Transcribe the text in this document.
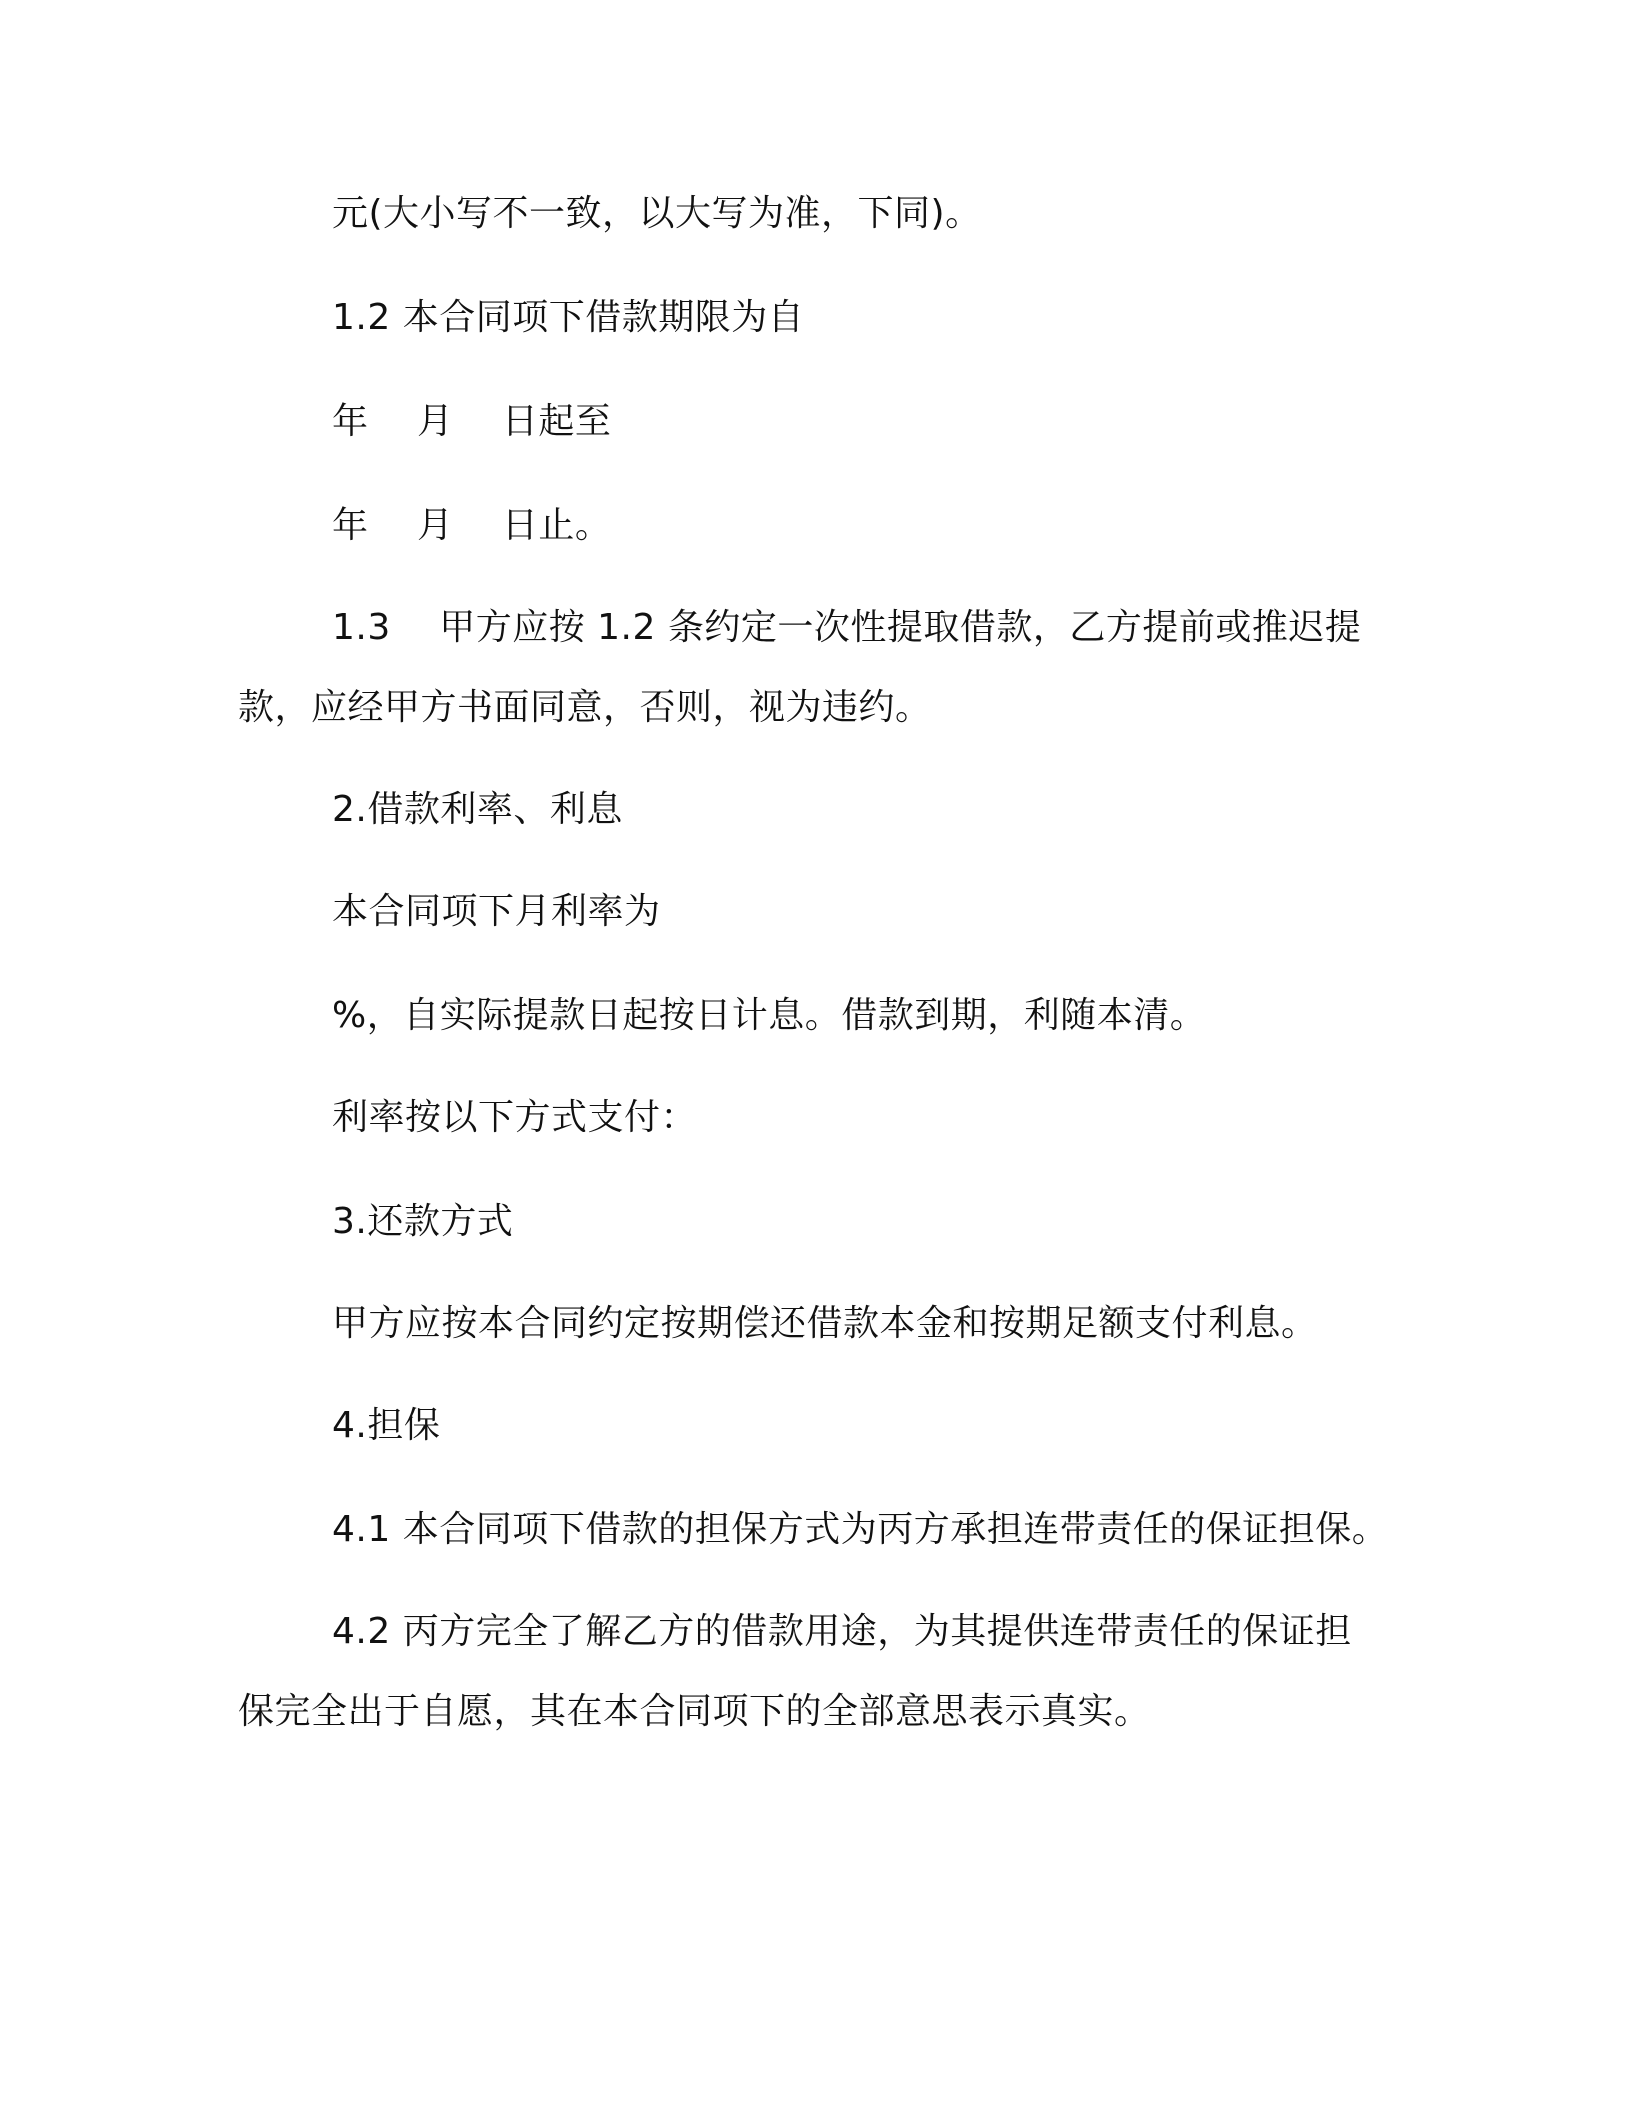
元(大小写不一致，以大写为准，下同)。
1.2 本合同项下借款期限为自
年　 月　 日起至
年　 月　 日止。
1.3　 甲方应按 1.2 条约定一次性提取借款，乙方提前或推迟提
款，应经甲方书面同意，否则，视为违约。
2.借款利率、利息
本合同项下月利率为
%，自实际提款日起按日计息。借款到期，利随本清。
利率按以下方式支付：
3.还款方式
甲方应按本合同约定按期偿还借款本金和按期足额支付利息。
4.担保
4.1 本合同项下借款的担保方式为丙方承担连带责任的保证担保。
4.2 丙方完全了解乙方的借款用途，为其提供连带责任的保证担
保完全出于自愿，其在本合同项下的全部意思表示真实。
